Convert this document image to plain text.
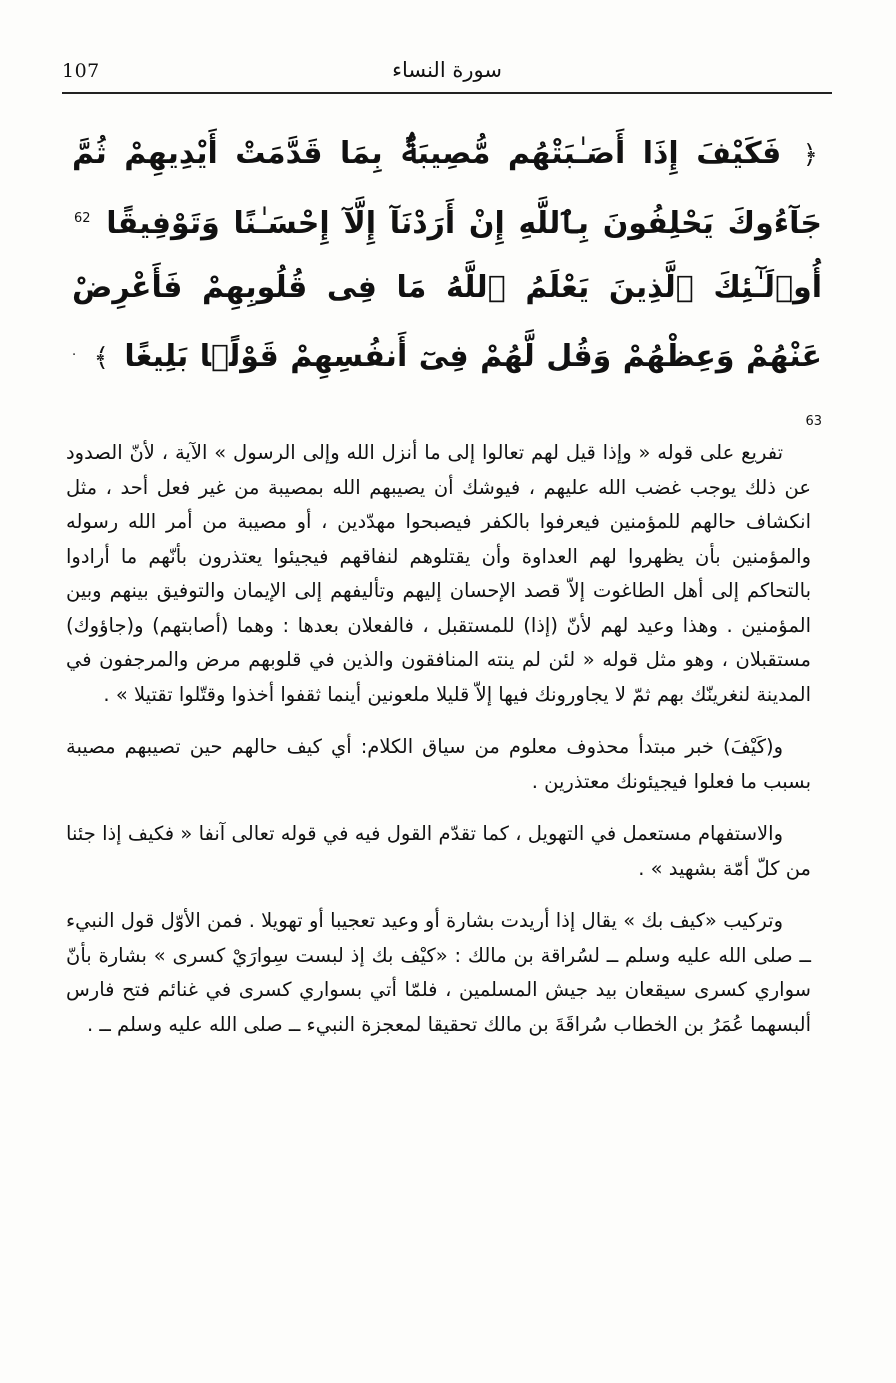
107	سورة النساء
﴿ فَكَيْفَ إِذَا أَصَـٰبَتْهُم مُّصِيبَةٌۢ بِمَا قَدَّمَتْ أَيْدِيهِمْ ثُمَّ جَآءُوكَ يَحْلِفُونَ بِٱللَّهِ إِنْ أَرَدْنَآ إِلَّآ إِحْسَـٰنًا وَتَوْفِيقًا $^{62}$ أُو۟لَـٰٓئِكَ ٱلَّذِينَ يَعْلَمُ ٱللَّهُ مَا فِى قُلُوبِهِمْ فَأَعْرِضْ عَنْهُمْ وَعِظْهُمْ وَقُل لَّهُمْ فِىٓ أَنفُسِهِمْ قَوْلًۢا بَلِيغًا ﴾ $^{. 63}$

تفريع على قوله « وإذا قيل لهم تعالوا إلى ما أنزل الله وإلى الرسول » الآية ، لأنّ الصدود عن ذلك يوجب غضب الله عليهم ، فيوشك أن يصيبهم الله بمصيبة من غير فعل أحد ، مثل انكشاف حالهم للمؤمنين فيعرفوا بالكفر فيصبحوا مهدّدين ، أو مصيبة من أمر الله رسوله والمؤمنين بأن يظهروا لهم العداوة وأن يقتلوهم لنفاقهم فيجيئوا يعتذرون بأنّهم ما أرادوا بالتحاكم إلى أهل الطاغوت إلاّ قصد الإحسان إليهم وتأليفهم إلى الإيمان والتوفيق بينهم وبين المؤمنين . وهذا وعيد لهم لأنّ (إذا) للمستقبل ، فالفعلان بعدها : وهما (أصابتهم) و(جاؤوك) مستقبلان ، وهو مثل قوله « لئن لم ينته المنافقون والذين في قلوبهم مرض والمرجفون في المدينة لنغرينّك بهم ثمّ لا يجاورونك فيها إلاّ قليلا ملعونين أينما ثقفوا أخذوا وقتّلوا تقتيلا » .

و(كَيْفَ) خبر مبتدأ محذوف معلوم من سياق الكلام: أي كيف حالهم حين تصيبهم مصيبة بسبب ما فعلوا فيجيئونك معتذرين .

والاستفهام مستعمل في التهويل ، كما تقدّم القول فيه في قوله تعالى آنفا « فكيف إذا جئنا من كلّ أمّة بشهيد » .

وتركيب «كيف بك » يقال إذا أريدت بشارة أو وعيد تعجيبا أو تهويلا . فمن الأوّل قول النبيء ــ صلى الله عليه وسلم ــ لسُراقة بن مالك : «كيْف بك إذ لبست سِوارَيْ كسرى » بشارة بأنّ سواري كسرى سيقعان بيد جيش المسلمين ، فلمّا أتي بسواري كسرى في غنائم فتح فارس ألبسهما عُمَرُ بن الخطاب سُراقَةَ بن مالك تحقيقا لمعجزة النبيء ــ صلى الله عليه وسلم ــ .
